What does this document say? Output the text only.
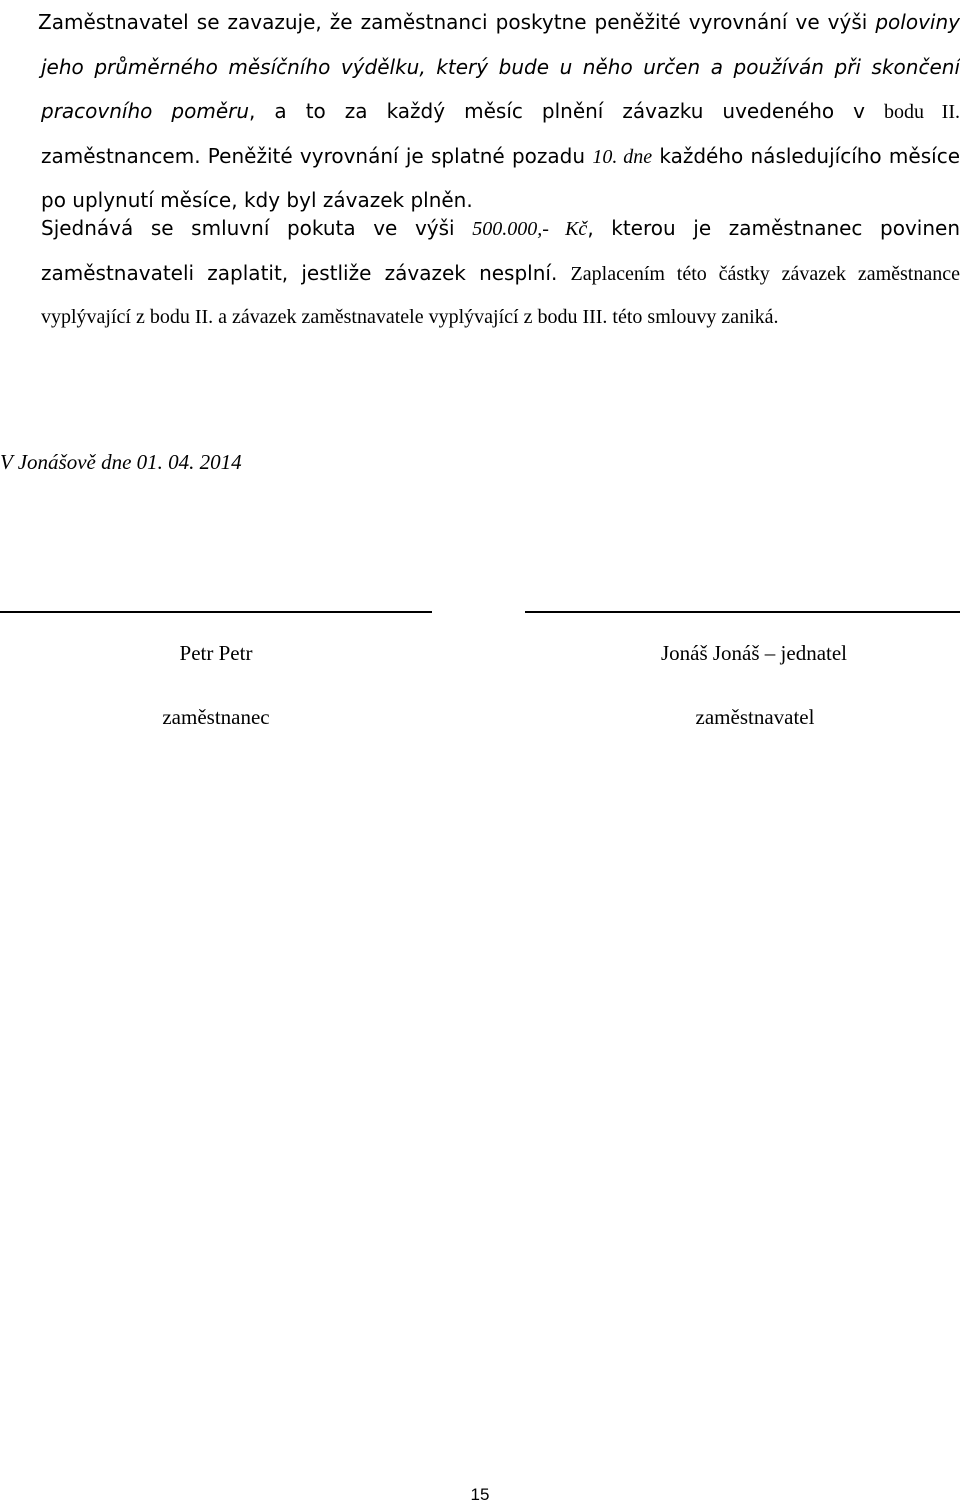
Zaměstnavatel se zavazuje, že zaměstnanci poskytne peněžité vyrovnání ve výši poloviny jeho průměrného měsíčního výdělku, který bude u něho určen a používán při skončení pracovního poměru, a to za každý měsíc plnění závazku uvedeného v bodu II. zaměstnancem. Peněžité vyrovnání je splatné pozadu 10. dne každého následujícího měsíce po uplynutí měsíce, kdy byl závazek plněn.
Sjednává se smluvní pokuta ve výši 500.000,- Kč, kterou je zaměstnanec povinen zaměstnavateli zaplatit, jestliže závazek nesplní. Zaplacením této částky závazek zaměstnance vyplývající z bodu II. a závazek zaměstnavatele vyplývající z bodu III. této smlouvy zaniká.
V Jonášově dne 01. 04. 2014
Petr Petr
zaměstnanec
Jonáš Jonáš – jednatel
zaměstnavatel
15
